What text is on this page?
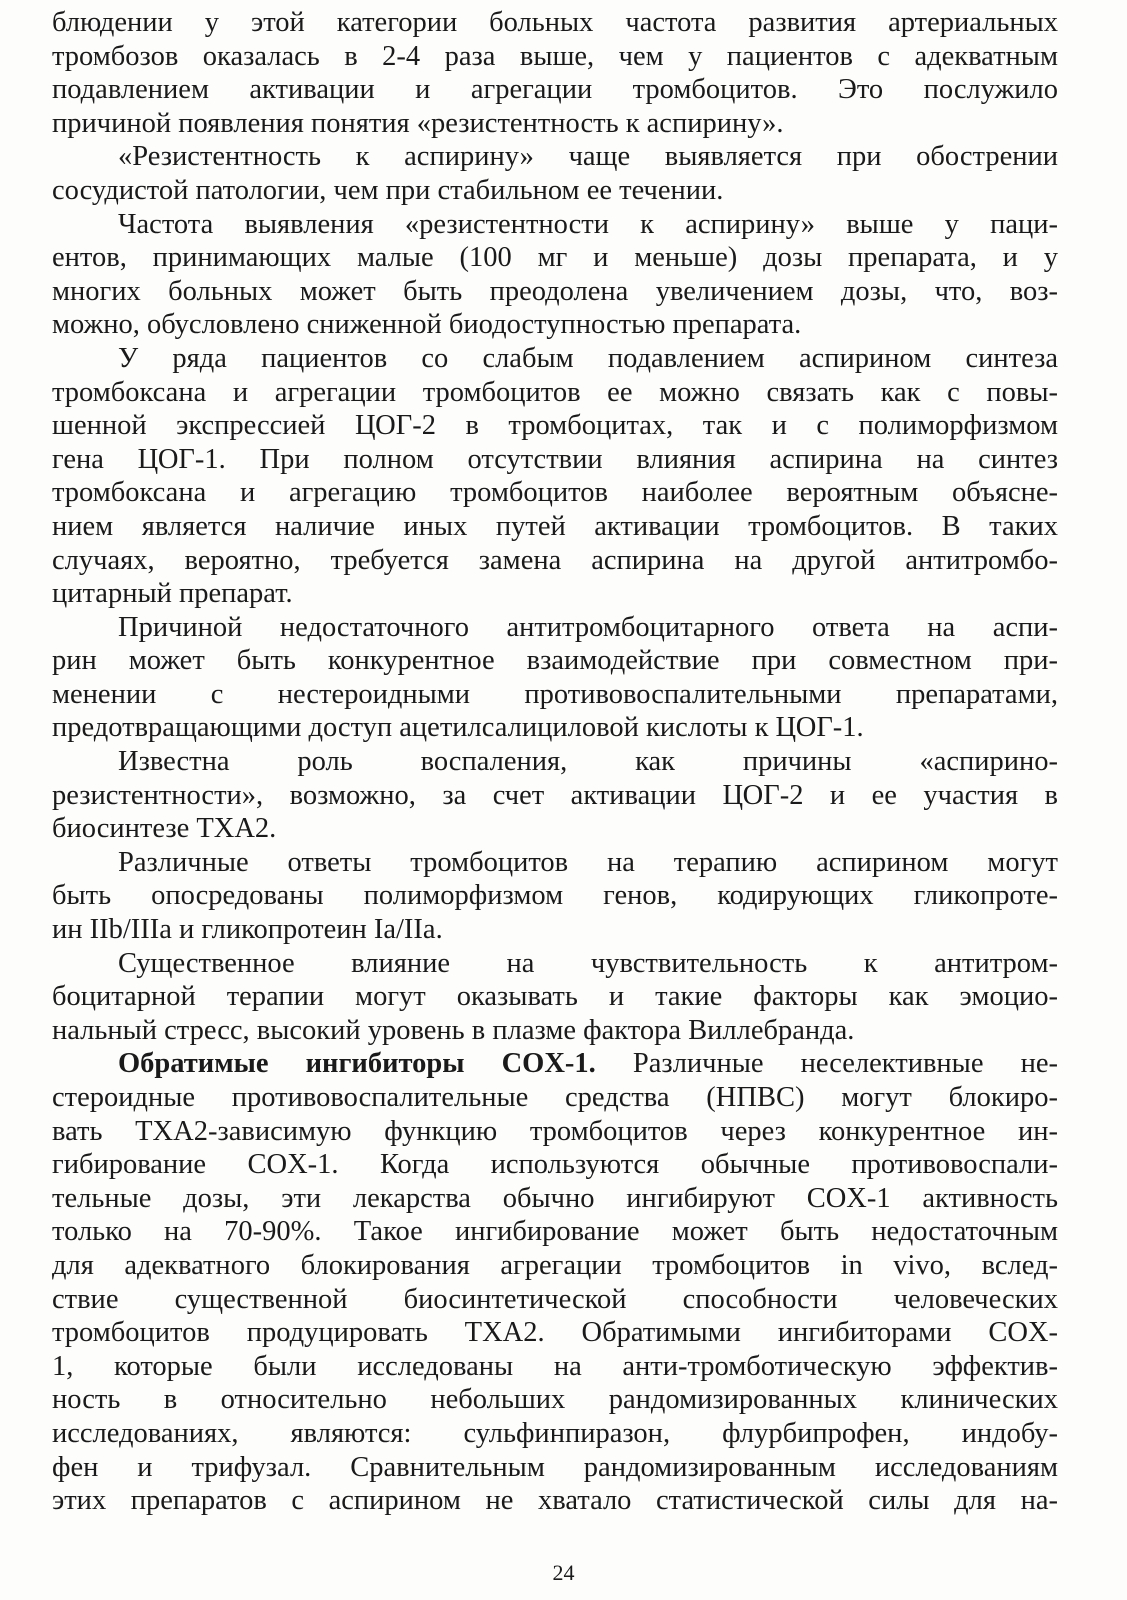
блюдении у этой категории больных частота развития артериальных
тромбозов оказалась в 2-4 раза выше, чем у пациентов с адекватным
подавлением активации и агрегации тромбоцитов. Это послужило
причиной появления понятия «резистентность к аспирину».
«Резистентность к аспирину» чаще выявляется при обострении
сосудистой патологии, чем при стабильном ее течении.
Частота выявления «резистентности к аспирину» выше у паци-
ентов, принимающих малые (100 мг и меньше) дозы препарата, и у
многих больных может быть преодолена увеличением дозы, что, воз-
можно, обусловлено сниженной биодоступностью препарата.
У ряда пациентов со слабым подавлением аспирином синтеза
тромбоксана и агрегации тромбоцитов ее можно связать как с повы-
шенной экспрессией ЦОГ-2 в тромбоцитах, так и с полиморфизмом
гена ЦОГ-1. При полном отсутствии влияния аспирина на синтез
тромбоксана и агрегацию тромбоцитов наиболее вероятным объясне-
нием является наличие иных путей активации тромбоцитов. В таких
случаях, вероятно, требуется замена аспирина на другой антитромбо-
цитарный препарат.
Причиной недостаточного антитромбоцитарного ответа на аспи-
рин может быть конкурентное взаимодействие при совместном при-
менении с нестероидными противовоспалительными препаратами,
предотвращающими доступ ацетилсалициловой кислоты к ЦОГ-1.
Известна роль воспаления, как причины «аспирино-
резистентности», возможно, за счет активации ЦОГ-2 и ее участия в
биосинтезе ТХА2.
Различные ответы тромбоцитов на терапию аспирином могут
быть опосредованы полиморфизмом генов, кодирующих гликопроте-
ин IIb/IIIa и гликопротеин Ia/IIa.
Существенное влияние на чувствительность к антитром-
боцитарной терапии могут оказывать и такие факторы как эмоцио-
нальный стресс, высокий уровень в плазме фактора Виллебранда.
Обратимые ингибиторы COX-1. Различные неселективные не-
стероидные противовоспалительные средства (НПВС) могут блокиро-
вать ТХА2-зависимую функцию тромбоцитов через конкурентное ин-
гибирование COX-1. Когда используются обычные противовоспали-
тельные дозы, эти лекарства обычно ингибируют COX-1 активность
только на 70-90%. Такое ингибирование может быть недостаточным
для адекватного блокирования агрегации тромбоцитов in vivo, вслед-
ствие существенной биосинтетической способности человеческих
тромбоцитов продуцировать ТХА2. Обратимыми ингибиторами COX-
1, которые были исследованы на анти-тромботическую эффектив-
ность в относительно небольших рандомизированных клинических
исследованиях, являются: сульфинпиразон, флурбипрофен, индобу-
фен и трифузал. Сравнительным рандомизированным исследованиям
этих препаратов с аспирином не хватало статистической силы для на-
24
